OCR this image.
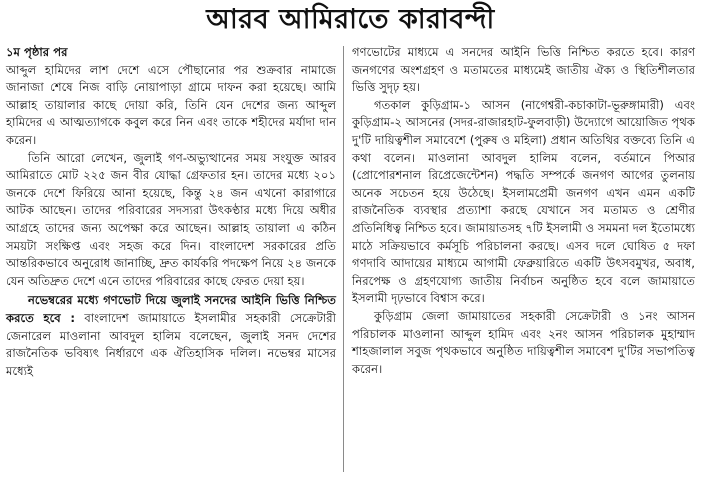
আরব আমিরাতে কারাবন্দী

১ম পৃষ্ঠার পর

আব্দুল হামিদের লাশ দেশে এসে পৌছানোর পর শুক্রবার নামাজে জানাজা শেষে নিজ বাড়ি নোয়াপাড়া গ্রামে দাফন করা হয়েছে। আমি আল্লাহ তায়ালার কাছে দোয়া করি, তিনি যেন দেশের জন্য আব্দুল হামিদের এ আত্মত্যাগকে কবুল করে নিন এবং তাকে শহীদের মর্যাদা দান করেন।

তিনি আরো লেখেন, জুলাই গণ-অভ্যুত্থানের সময় সংযুক্ত আরব আমিরাতে মোট ২২৫ জন বীর যোদ্ধা গ্রেফতার হন। তাদের মধ্যে ২০১ জনকে দেশে ফিরিয়ে আনা হয়েছে, কিন্তু ২৪ জন এখনো কারাগারে আটক আছেন। তাদের পরিবারের সদস্যরা উৎকণ্ঠার মধ্যে দিয়ে অধীর আগ্রহে তাদের জন্য অপেক্ষা করে আছেন। আল্লাহ তায়ালা এ কঠিন সময়টা সংক্ষিপ্ত এবং সহজ করে দিন। বাংলাদেশ সরকারের প্রতি আন্তরিকভাবে অনুরোধ জানাচ্ছি, দ্রুত কার্যকরি পদক্ষেপ নিয়ে ২৪ জনকে যেন অতিদ্রুত দেশে এনে তাদের পরিবারের কাছে ফেরত দেয়া হয়।

নভেম্বরের মধ্যে গণভোট দিয়ে জুলাই সনদের আইনি ভিত্তি নিশ্চিত করতে হবে : বাংলাদেশ জামায়াতে ইসলামীর সহকারী সেক্রেটারী জেনারেল মাওলানা আবদুল হালিম বলেছেন, জুলাই সনদ দেশের রাজনৈতিক ভবিষ্যৎ নির্ধারণে এক ঐতিহাসিক দলিল। নভেম্বর মাসের মধ্যেই

গণভোটের মাধ্যমে এ সনদের আইনি ভিত্তি নিশ্চিত করতে হবে। কারণ জনগণের অংশগ্রহণ ও মতামতের মাধ্যমেই জাতীয় ঐক্য ও স্থিতিশীলতার ভিত্তি সুদৃঢ় হয়।

গতকাল কুড়িগ্রাম-১ আসন (নাগেশ্বরী-কচাকাটা-ভূরুঙ্গামারী) এবং কুড়িগ্রাম-২ আসনের (সদর-রাজারহাট-ফুলবাড়ী) উদ্যোগে আয়োজিত পৃথক দু'টি দায়িত্বশীল সমাবেশে (পুরুষ ও মহিলা) প্রধান অতিথির বক্তব্যে তিনি এ কথা বলেন। মাওলানা আবদুল হালিম বলেন, বর্তমানে পিআর (প্রোপোরশনাল রিপ্রেজেন্টেশন) পদ্ধতি সম্পর্কে জনগণ আগের তুলনায় অনেক সচেতন হয়ে উঠেছে। ইসলামপ্রেমী জনগণ এখন এমন একটি রাজনৈতিক ব্যবস্থার প্রত্যাশা করছে যেখানে সব মতামত ও শ্রেণীর প্রতিনিধিত্ব নিশ্চিত হবে। জামায়াতসহ ৭টি ইসলামী ও সমমনা দল ইতোমধ্যে মাঠে সক্রিয়ভাবে কর্মসূচি পরিচালনা করছে। এসব দলে ঘোষিত ৫ দফা গণদাবি আদায়ের মাধ্যমে আগামী ফেব্রুয়ারিতে একটি উৎসবমুখর, অবাধ, নিরপেক্ষ ও গ্রহণযোগ্য জাতীয় নির্বাচন অনুষ্ঠিত হবে বলে জামায়াতে ইসলামী দৃঢ়ভাবে বিশ্বাস করে।

কুড়িগ্রাম জেলা জামায়াতের সহকারী সেক্রেটারী ও ১নং আসন পরিচালক মাওলানা আব্দুল হামিদ এবং ২নং আসন পরিচালক মুহাম্মাদ শাহজালাল সবুজ পৃথকভাবে অনুষ্ঠিত দায়িত্বশীল সমাবেশ দু'টির সভাপতিত্ব করেন।
